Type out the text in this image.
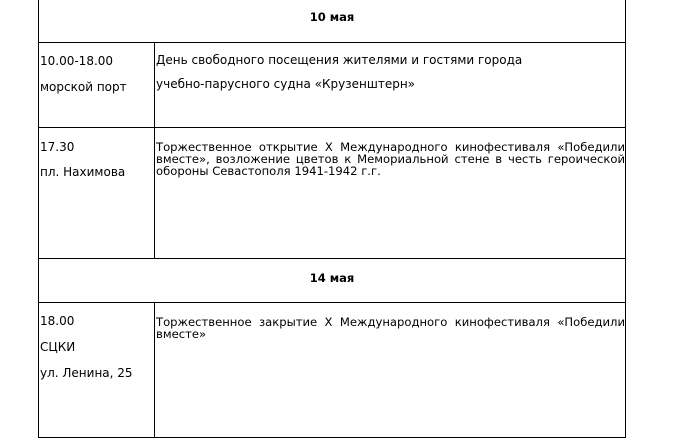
10 мая
10.00-18.00
морской порт
День свободного посещения жителями и гостями города
учебно-парусного судна «Крузенштерн»
17.30
пл. Нахимова
Торжественное открытие X Международного кинофестиваля «Победили
вместе», возложение цветов к Мемориальной стене в честь героической
обороны Севастополя 1941-1942 г.г.
14 мая
18.00
СЦКИ
ул. Ленина, 25
Торжественное закрытие X Международного кинофестиваля «Победили
вместе»
